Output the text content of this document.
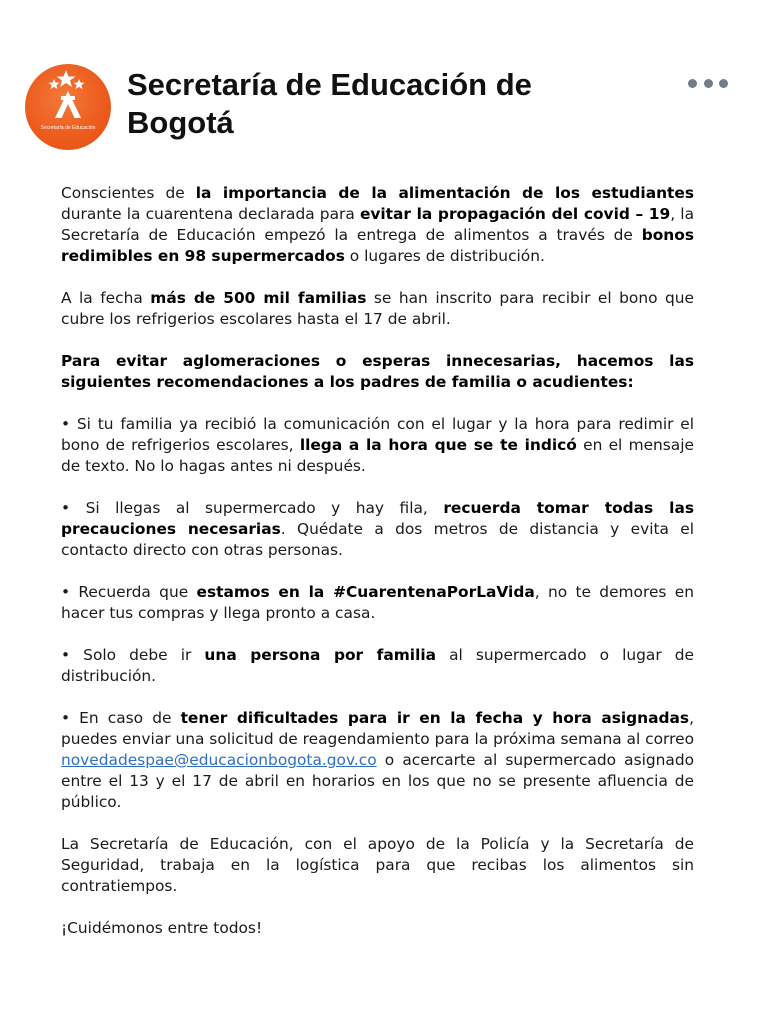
Secretaría de Educación
Secretaría de Educación de Bogotá

Conscientes de la importancia de la alimentación de los estudiantes durante la cuarentena declarada para evitar la propagación del covid – 19, la Secretaría de Educación empezó la entrega de alimentos a través de bonos redimibles en 98 supermercados o lugares de distribución.

A la fecha más de 500 mil familias se han inscrito para recibir el bono que cubre los refrigerios escolares hasta el 17 de abril.

Para evitar aglomeraciones o esperas innecesarias, hacemos las siguientes recomendaciones a los padres de familia o acudientes:

• Si tu familia ya recibió la comunicación con el lugar y la hora para redimir el bono de refrigerios escolares, llega a la hora que se te indicó en el mensaje de texto. No lo hagas antes ni después.

• Si llegas al supermercado y hay fila, recuerda tomar todas las precauciones necesarias. Quédate a dos metros de distancia y evita el contacto directo con otras personas.

• Recuerda que estamos en la #CuarentenaPorLaVida, no te demores en hacer tus compras y llega pronto a casa.

• Solo debe ir una persona por familia al supermercado o lugar de distribución.

• En caso de tener dificultades para ir en la fecha y hora asignadas, puedes enviar una solicitud de reagendamiento para la próxima semana al correo novedadespae@educacionbogota.gov.co o acercarte al supermercado asignado entre el 13 y el 17 de abril en horarios en los que no se presente afluencia de público.

La Secretaría de Educación, con el apoyo de la Policía y la Secretaría de Seguridad, trabaja en la logística para que recibas los alimentos sin contratiempos.

¡Cuidémonos entre todos!
